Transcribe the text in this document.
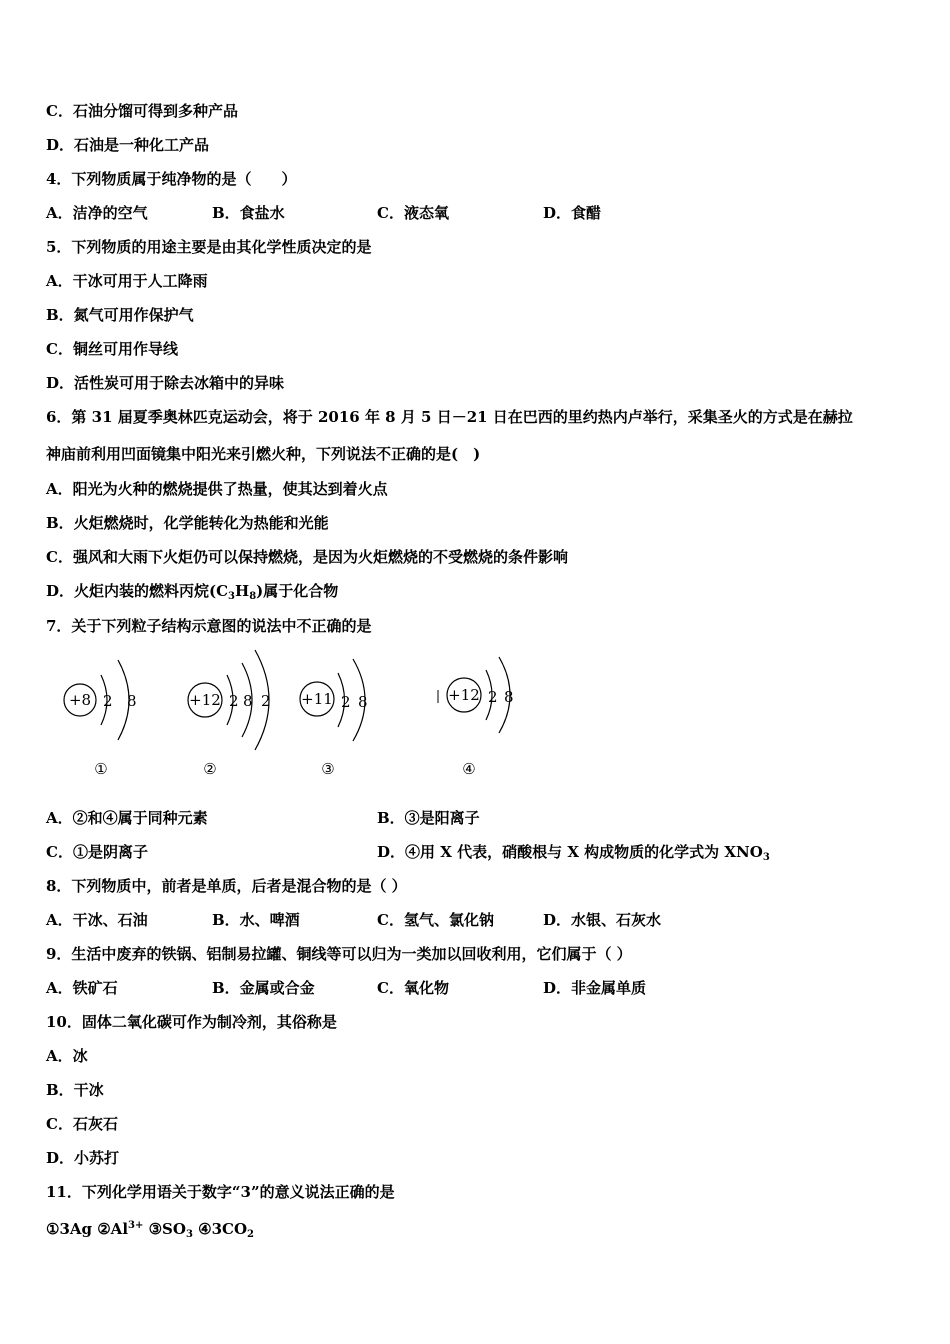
C．石油分馏可得到多种产品
D．石油是一种化工产品
4．下列物质属于纯净物的是（　　）
A．洁净的空气	B．食盐水	C．液态氧	D．食醋
5．下列物质的用途主要是由其化学性质决定的是
A．干冰可用于人工降雨
B．氮气可用作保护气
C．铜丝可用作导线
D．活性炭可用于除去冰箱中的异味
6．第 31 届夏季奥林匹克运动会，将于 2016 年 8 月 5 日－21 日在巴西的里约热内卢举行，采集圣火的方式是在赫拉
神庙前利用凹面镜集中阳光来引燃火种，下列说法不正确的是(　)
A．阳光为火种的燃烧提供了热量，使其达到着火点
B．火炬燃烧时，化学能转化为热能和光能
C．强风和大雨下火炬仍可以保持燃烧，是因为火炬燃烧的不受燃烧的条件影响
D．火炬内装的燃料丙烷$(C_3H_8)$属于化合物
7．关于下列粒子结构示意图的说法中不正确的是
+8 2 8
①
+12 2 8 2
②
+11 2 8
③
+12 2 8
④
A．②和④属于同种元素	B．③是阳离子
C．①是阴离子	D．④用 X 代表，硝酸根与 X 构成物质的化学式为 $XNO_3$
8．下列物质中，前者是单质，后者是混合物的是（ ）
A．干冰、石油	B．水、啤酒	C．氢气、氯化钠	D．水银、石灰水
9．生活中废弃的铁锅、铝制易拉罐、铜线等可以归为一类加以回收利用，它们属于（ ）
A．铁矿石	B．金属或合金	C．氧化物	D．非金属单质
10．固体二氧化碳可作为制冷剂，其俗称是
A．冰
B．干冰
C．石灰石
D．小苏打
11．下列化学用语关于数字“3”的意义说法正确的是
①3Ag $②Al^{3+}$ $③SO_3$ $④3CO_2$
